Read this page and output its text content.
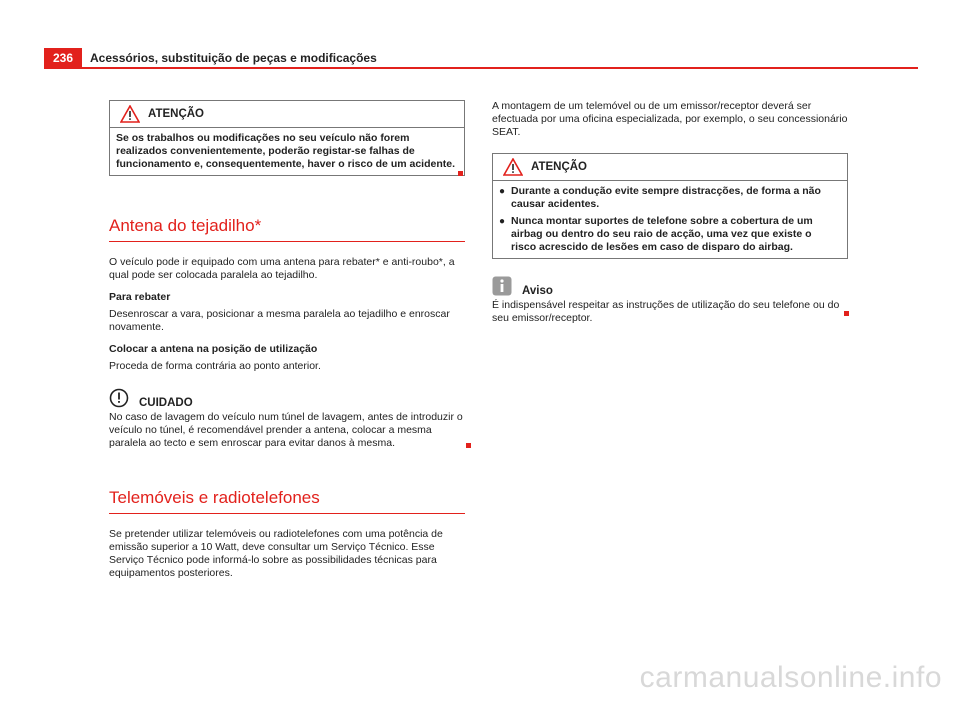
236	Acessórios, substituição de peças e modificações
ATENÇÃO

Se os trabalhos ou modificações no seu veículo não forem realizados convenientemente, poderão registar-se falhas de funcionamento e, consequentemente, haver o risco de um acidente.

Antena do tejadilho*

O veículo pode ir equipado com uma antena para rebater* e anti-roubo*, a qual pode ser colocada paralela ao tejadilho.

Para rebater

Desenroscar a vara, posicionar a mesma paralela ao tejadilho e enroscar novamente.

Colocar a antena na posição de utilização

Proceda de forma contrária ao ponto anterior.

CUIDADO

No caso de lavagem do veículo num túnel de lavagem, antes de introduzir o veículo no túnel, é recomendável prender a antena, colocar a mesma paralela ao tecto e sem enroscar para evitar danos à mesma.

Telemóveis e radiotelefones

Se pretender utilizar telemóveis ou radiotelefones com uma potência de emissão superior a 10 Watt, deve consultar um Serviço Técnico. Esse Serviço Técnico pode informá-lo sobre as possibilidades técnicas para equipamentos posteriores.

A montagem de um telemóvel ou de um emissor/receptor deverá ser efectuada por uma oficina especializada, por exemplo, o seu concessionário SEAT.

ATENÇÃO
● Durante a condução evite sempre distracções, de forma a não causar acidentes.

● Nunca montar suportes de telefone sobre a cobertura de um airbag ou dentro do seu raio de acção, uma vez que existe o risco acrescido de lesões em caso de disparo do airbag.

Aviso

É indispensável respeitar as instruções de utilização do seu telefone ou do seu emissor/receptor.

carmanualsonline.info
